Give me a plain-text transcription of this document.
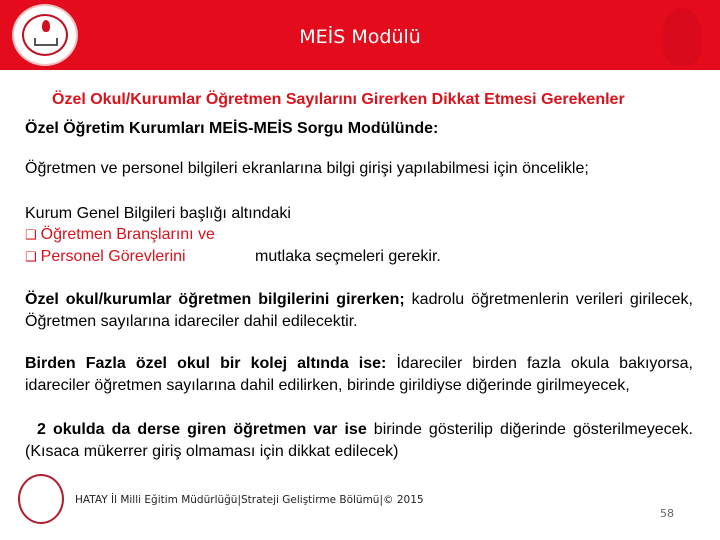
MEİS Modülü
Özel Okul/Kurumlar Öğretmen Sayılarını Girerken Dikkat Etmesi Gerekenler
Özel Öğretim Kurumları MEİS-MEİS Sorgu Modülünde:
Öğretmen ve personel bilgileri ekranlarına bilgi girişi yapılabilmesi için öncelikle;
Kurum Genel Bilgileri başlığı altındaki
❑ Öğretmen Branşlarını ve
❑ Personel Görevlerini	mutlaka seçmeleri gerekir.
Özel okul/kurumlar öğretmen bilgilerini girerken; kadrolu öğretmenlerin verileri girilecek, Öğretmen sayılarına idareciler dahil edilecektir.
Birden Fazla özel okul bir kolej altında ise: İdareciler birden fazla okula bakıyorsa, idareciler öğretmen sayılarına dahil edilirken, birinde girildiyse diğerinde girilmeyecek,
2 okulda da derse giren öğretmen var ise birinde gösterilip diğerinde gösterilmeyecek. (Kısaca mükerrer giriş olmaması için dikkat edilecek)
HATAY İl Milli Eğitim Müdürlüğü|Strateji Geliştirme Bölümü|© 2015
58
